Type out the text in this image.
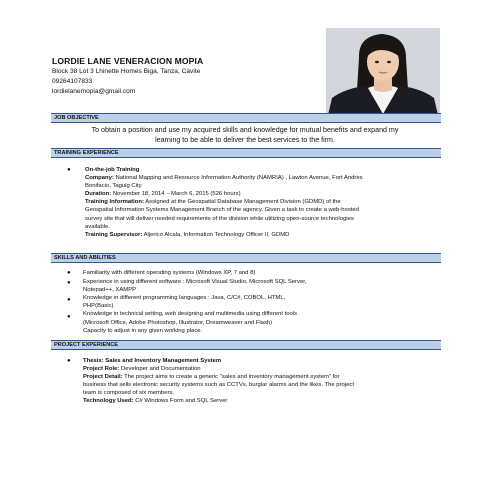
LORDIE LANE VENERACION MOPIA
Block 38 Lot 3 Lhinette Homes Biga, Tanza, Cavite
09264107833
lordielanemopia@gmail.com
JOB OBJECTIVE
To obtain a position and use my acquired skills and knowledge for mutual benefits and expand my
learning to be able to deliver the best services to the firm.
TRAINING EXPERIENCE
● On-the-job Training
Company: National Mapping and Resource Information Authority (NAMRIA) , Lawton Avenue, Fort Andres
Bonifacio, Taguig City
Duration: November 18, 2014 – March 6, 2015 (526 hours)
Training Information: Assigned at the Geospatial Database Management Division (GDMD) of the
Geospatial Information Systems Management Branch of the agency. Given a task to create a web-hosted
survey site that will deliver needed requirements of the division while utilizing open-source technologies
available.
Training Supervisor: Aljerico Alcala, Information Technology Officer II, GDMD
SKILLS AND ABILITIES
●
●
●
●
Familiarity with different operating systems (Windows XP, 7 and 8)
Experience in using different software : Microsoft Visual Studio, Microsoft SQL Server,
Notepad++, XAMPP
Knowledge in different programming languages : Java, C/C#, COBOL, HTML,
PHP(Basic)
Knowledge in technical writing, web designing and multimedia using different tools
(Microsoft Office, Adobe Photoshop, Illustrator, Dreamweaver and Flash)
Capacity to adjust in any given working place.
PROJECT EXPERIENCE
● Thesis: Sales and Inventory Management System
Project Role: Developer and Documentation
Project Detail: The project aims to create a generic "sales and inventory management system" for
business that sells electronic security systems such as CCTVs, burglar alarms and the likes. The project
team is composed of six members.
Technology Used: C# Windows Form and SQL Server
